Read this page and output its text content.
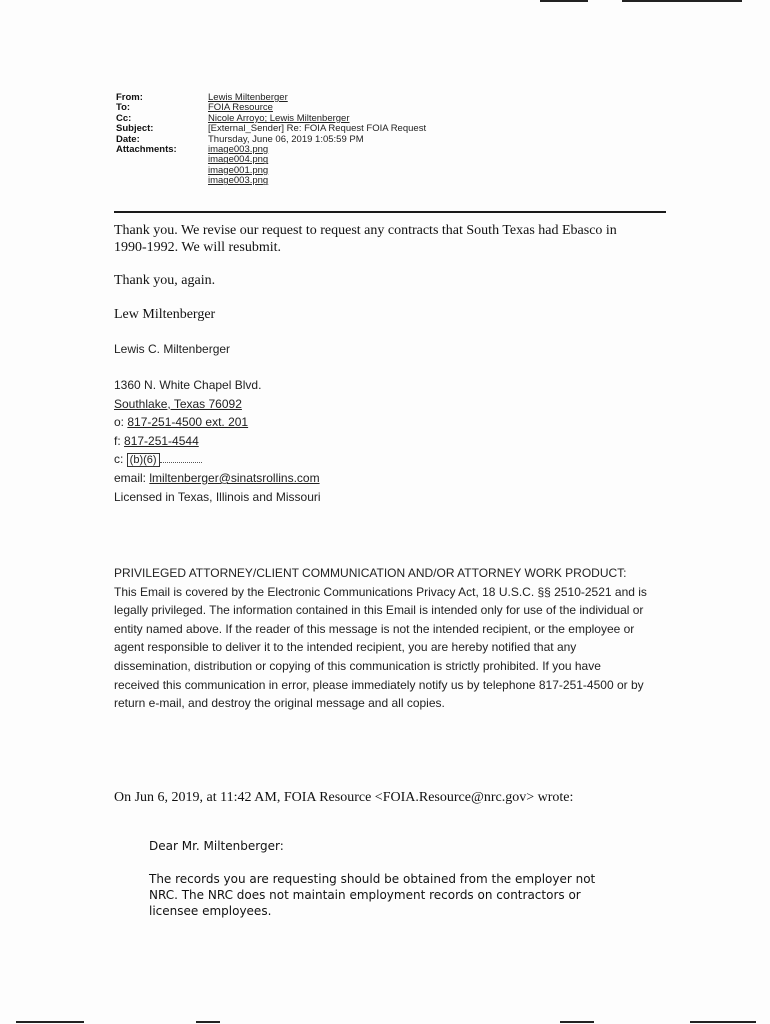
From:	Lewis Miltenberger
To:	FOIA Resource
Cc:	Nicole Arroyo; Lewis Miltenberger
Subject:	[External_Sender] Re: FOIA Request FOIA Request
Date:	Thursday, June 06, 2019 1:05:59 PM
Attachments:	image003.png
image004.png
image001.png
image003.png
Thank you. We revise our request to request any contracts that South Texas had Ebasco in
1990-1992. We will resubmit.
Thank you, again.
Lew Miltenberger
Lewis C. Miltenberger
1360 N. White Chapel Blvd.
Southlake, Texas 76092
o: 817-251-4500 ext. 201
f: 817-251-4544
c: (b)(6)
email: lmiltenberger@sinatsrollins.com
Licensed in Texas, Illinois and Missouri
PRIVILEGED ATTORNEY/CLIENT COMMUNICATION AND/OR ATTORNEY WORK PRODUCT:
This Email is covered by the Electronic Communications Privacy Act, 18 U.S.C. §§ 2510-2521 and is
legally privileged. The information contained in this Email is intended only for use of the individual or
entity named above. If the reader of this message is not the intended recipient, or the employee or
agent responsible to deliver it to the intended recipient, you are hereby notified that any
dissemination, distribution or copying of this communication is strictly prohibited. If you have
received this communication in error, please immediately notify us by telephone 817-251-4500 or by
return e-mail, and destroy the original message and all copies.
On Jun 6, 2019, at 11:42 AM, FOIA Resource <FOIA.Resource@nrc.gov> wrote:
Dear Mr. Miltenberger:
The records you are requesting should be obtained from the employer not
NRC. The NRC does not maintain employment records on contractors or
licensee employees.
